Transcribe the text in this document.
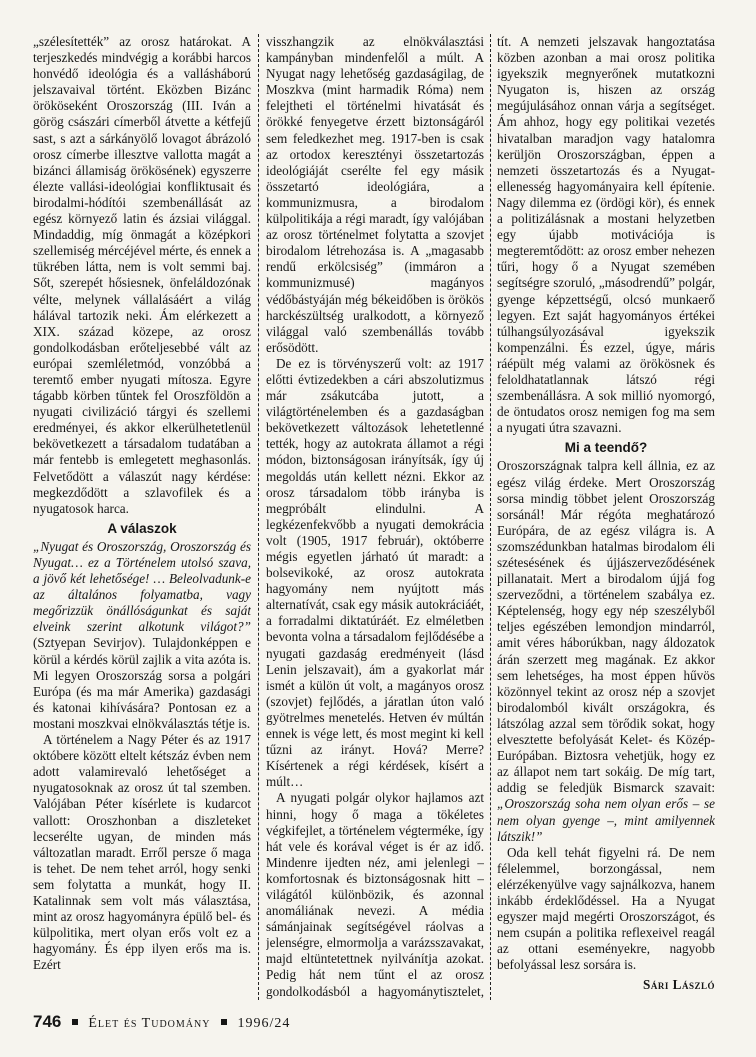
„szélesítették” az orosz határokat. A terjeszkedés mindvégig a korábbi harcos honvédő ideológia és a vallásháború jelszavaival történt. Eközben Bizánc örököseként Oroszország (III. Iván a görög császári címerből átvette a kétfejű sast, s azt a sárkányölő lovagot ábrázoló orosz címerbe illesztve vallotta magát a bizánci államiság örökösének) egyszerre élezte vallási-ideológiai konfliktusait és birodalmi-hódítói szembenállását az egész környező latin és ázsiai világgal. Mindaddig, míg önmagát a középkori szellemiség mércéjével mérte, és ennek a tükrében látta, nem is volt semmi baj. Sőt, szerepét hősiesnek, önfeláldozónak vélte, melynek vállalásáért a világ hálával tartozik neki. Ám elérkezett a XIX. század közepe, az orosz gondolkodásban erőteljesebbé vált az európai szemléletmód, vonzóbbá a teremtő ember nyugati mítosza. Egyre tágabb körben tűntek fel Oroszföldön a nyugati civilizáció tárgyi és szellemi eredményei, és akkor elkerülhetetlenül bekövetkezett a társadalom tudatában a már fentebb is emlegetett meghasonlás. Felvetődött a válaszút nagy kérdése: megkezdődött a szlavofilek és a nyugatosok harca.

A válaszok

„Nyugat és Oroszország, Oroszország és Nyugat… ez a Történelem utolsó szava, a jövő két lehetősége! … Beleolvadunk-e az általános folyamatba, vagy megőrizzük önállóságunkat és saját elveink szerint alkotunk világot?” (Sztyepan Sevirjov). Tulajdonképpen e körül a kérdés körül zajlik a vita azóta is. Mi legyen Oroszország sorsa a polgári Európa (és ma már Amerika) gazdasági és katonai kihívására? Pontosan ez a mostani moszkvai elnökválasztás tétje is.

A történelem a Nagy Péter és az 1917 októbere között eltelt kétszáz évben nem adott valamirevaló lehetőséget a nyugatosoknak az orosz út tal szemben. Valójában Péter kísérlete is kudarcot vallott: Oroszhonban a diszleteket lecserélte ugyan, de minden más változatlan maradt. Erről persze ő maga is tehet. De nem tehet arról, hogy senki sem folytatta a munkát, hogy II. Katalinnak sem volt más választása, mint az orosz hagyományra épülő bel- és külpolitika, mert olyan erős volt ez a hagyomány. És épp ilyen erős ma is. Ezért

visszhangzik az elnökválasztási kampányban mindenfelől a múlt. A Nyugat nagy lehetőség gazdaságilag, de Moszkva (mint harmadik Róma) nem felejtheti el történelmi hivatását és örökké fenyegetve érzett biztonságáról sem feledkezhet meg. 1917-ben is csak az ortodox keresztényi összetartozás ideológiáját cserélte fel egy másik összetartó ideológiára, a kommunizmusra, a birodalom külpolitikája a régi maradt, így valójában az orosz történelmet folytatta a szovjet birodalom létrehozása is. A „magasabb rendű erkölcsiség” (immáron a kommunizmusé) magányos védőbástyáján még békeidőben is örökös harckészültség uralkodott, a környező világgal való szembenállás tovább erősödött.

De ez is törvényszerű volt: az 1917 előtti évtizedekben a cári abszolutizmus már zsákutcába jutott, a világtörténelemben és a gazdaságban bekövetkezett változások lehetetlenné tették, hogy az autokrata államot a régi módon, biztonságosan irányítsák, így új megoldás után kellett nézni. Ekkor az orosz társadalom több irányba is megpróbált elindulni. A legkézenfekvőbb a nyugati demokrácia volt (1905, 1917 február), októberre mégis egyetlen járható út maradt: a bolsevikoké, az orosz autokrata hagyomány nem nyújtott más alternatívát, csak egy másik autokráciáét, a forradalmi diktatúráét. Ez elméletben bevonta volna a társadalom fejlődésébe a nyugati gazdaság eredményeit (lásd Lenin jelszavait), ám a gyakorlat már ismét a külön út volt, a magányos orosz (szovjet) fejlődés, a járatlan úton való gyötrelmes menetelés. Hetven év múltán ennek is vége lett, és most megint ki kell tűzni az irányt. Hová? Merre? Kísértenek a régi kérdések, kísért a múlt…

A nyugati polgár olykor hajlamos azt hinni, hogy ő maga a tökéletes végkifejlet, a történelem végterméke, így hát vele és korával véget is ér az idő. Mindenre ijedten néz, ami jelenlegi – komfortosnak és biztonságosnak hitt – világától különbözik, és azonnal anomáliának nevezi. A média sámánjainak segítségével ráolvas a jelenségre, elmormolja a varázsszavakat, majd eltüntetettnek nyilvánítja azokat. Pedig hát nem tűnt el az orosz gondolkodásból a hagyománytisztelet,

tít. A nemzeti jelszavak hangoztatása közben azonban a mai orosz politika igyekszik megnyerőnek mutatkozni Nyugaton is, hiszen az ország megújulásához onnan várja a segítséget. Ám ahhoz, hogy egy politikai vezetés hivatalban maradjon vagy hatalomra kerüljön Oroszországban, éppen a nemzeti összetartozás és a Nyugat-ellenesség hagyományaira kell építenie. Nagy dilemma ez (ördögi kör), és ennek a politizálásnak a mostani helyzetben egy újabb motivációja is megteremtődött: az orosz ember nehezen tűri, hogy ő a Nyugat szemében segítségre szoruló, „másodrendű” polgár, gyenge képzettségű, olcsó munkaerő legyen. Ezt saját hagyományos értékei túlhangsúlyozásával igyekszik kompenzálni. És ezzel, úgye, máris ráépült még valami az örökösnek és feloldhatatlannak látszó régi szembenállásra. A sok millió nyomorgó, de öntudatos orosz nemigen fog ma sem a nyugati útra szavazni.

Mi a teendő?

Oroszországnak talpra kell állnia, ez az egész világ érdeke. Mert Oroszország sorsa mindig többet jelent Oroszország sorsánál! Már régóta meghatározó Európára, de az egész világra is. A szomszédunkban hatalmas birodalom éli szétesésének és újjászerveződésének pillanatait. Mert a birodalom újjá fog szerveződni, a történelem szabálya ez. Képtelenség, hogy egy nép szeszélyből teljes egészében lemondjon mindarról, amit véres háborúkban, nagy áldozatok árán szerzett meg magának. Ez akkor sem lehetséges, ha most éppen hűvös közönnyel tekint az orosz nép a szovjet birodalomból kivált országokra, és látszólag azzal sem törődik sokat, hogy elvesztette befolyását Kelet- és Közép-Európában. Biztosra vehetjük, hogy ez az állapot nem tart sokáig. De míg tart, addig se feledjük Bismarck szavait: „Oroszország soha nem olyan erős – se nem olyan gyenge –, mint amilyennek látszik!”

Oda kell tehát figyelni rá. De nem félelemmel, borzongással, nem elérzékenyülve vagy sajnálkozva, hanem inkább érdeklődéssel. Ha a Nyugat egyszer majd megérti Oroszországot, és nem csupán a politika reflexeivel reagál az ottani eseményekre, nagyobb befolyással lesz sorsára is.

Sári László
746 Élet és Tudomány 1996/24
